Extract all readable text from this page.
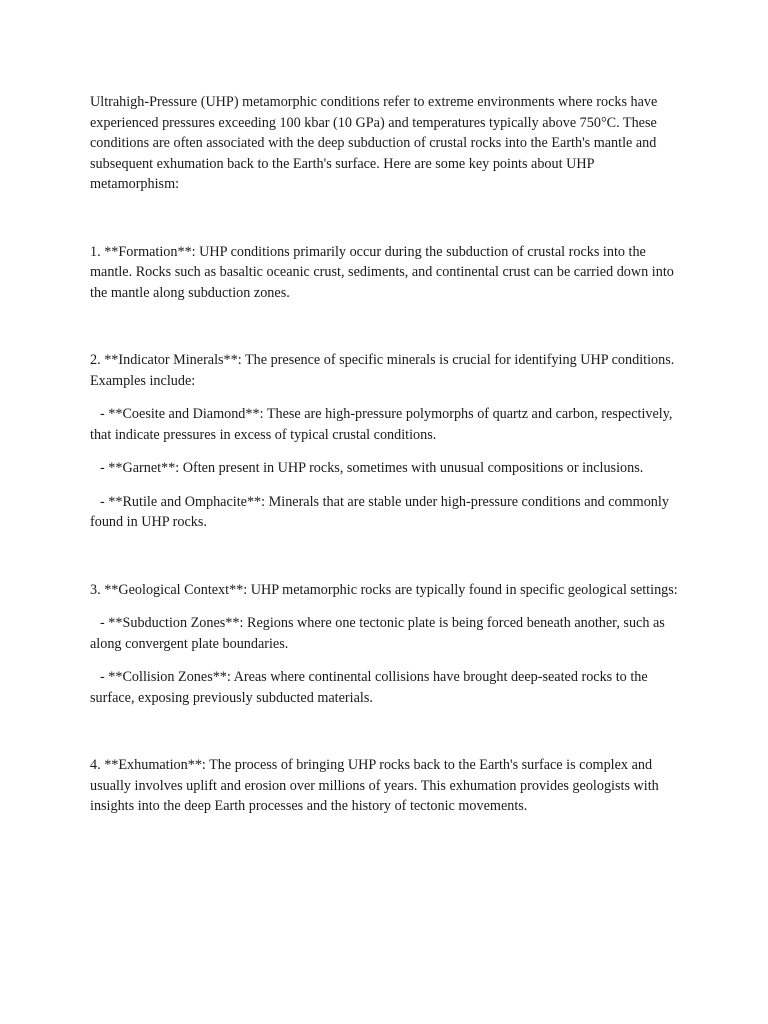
Ultrahigh-Pressure (UHP) metamorphic conditions refer to extreme environments where rocks have experienced pressures exceeding 100 kbar (10 GPa) and temperatures typically above 750°C. These conditions are often associated with the deep subduction of crustal rocks into the Earth's mantle and subsequent exhumation back to the Earth's surface. Here are some key points about UHP metamorphism:

1. **Formation**: UHP conditions primarily occur during the subduction of crustal rocks into the mantle. Rocks such as basaltic oceanic crust, sediments, and continental crust can be carried down into the mantle along subduction zones.

2. **Indicator Minerals**: The presence of specific minerals is crucial for identifying UHP conditions. Examples include:

- **Coesite and Diamond**: These are high-pressure polymorphs of quartz and carbon, respectively, that indicate pressures in excess of typical crustal conditions.

- **Garnet**: Often present in UHP rocks, sometimes with unusual compositions or inclusions.

- **Rutile and Omphacite**: Minerals that are stable under high-pressure conditions and commonly found in UHP rocks.

3. **Geological Context**: UHP metamorphic rocks are typically found in specific geological settings:

- **Subduction Zones**: Regions where one tectonic plate is being forced beneath another, such as along convergent plate boundaries.

- **Collision Zones**: Areas where continental collisions have brought deep-seated rocks to the surface, exposing previously subducted materials.

4. **Exhumation**: The process of bringing UHP rocks back to the Earth's surface is complex and usually involves uplift and erosion over millions of years. This exhumation provides geologists with insights into the deep Earth processes and the history of tectonic movements.
